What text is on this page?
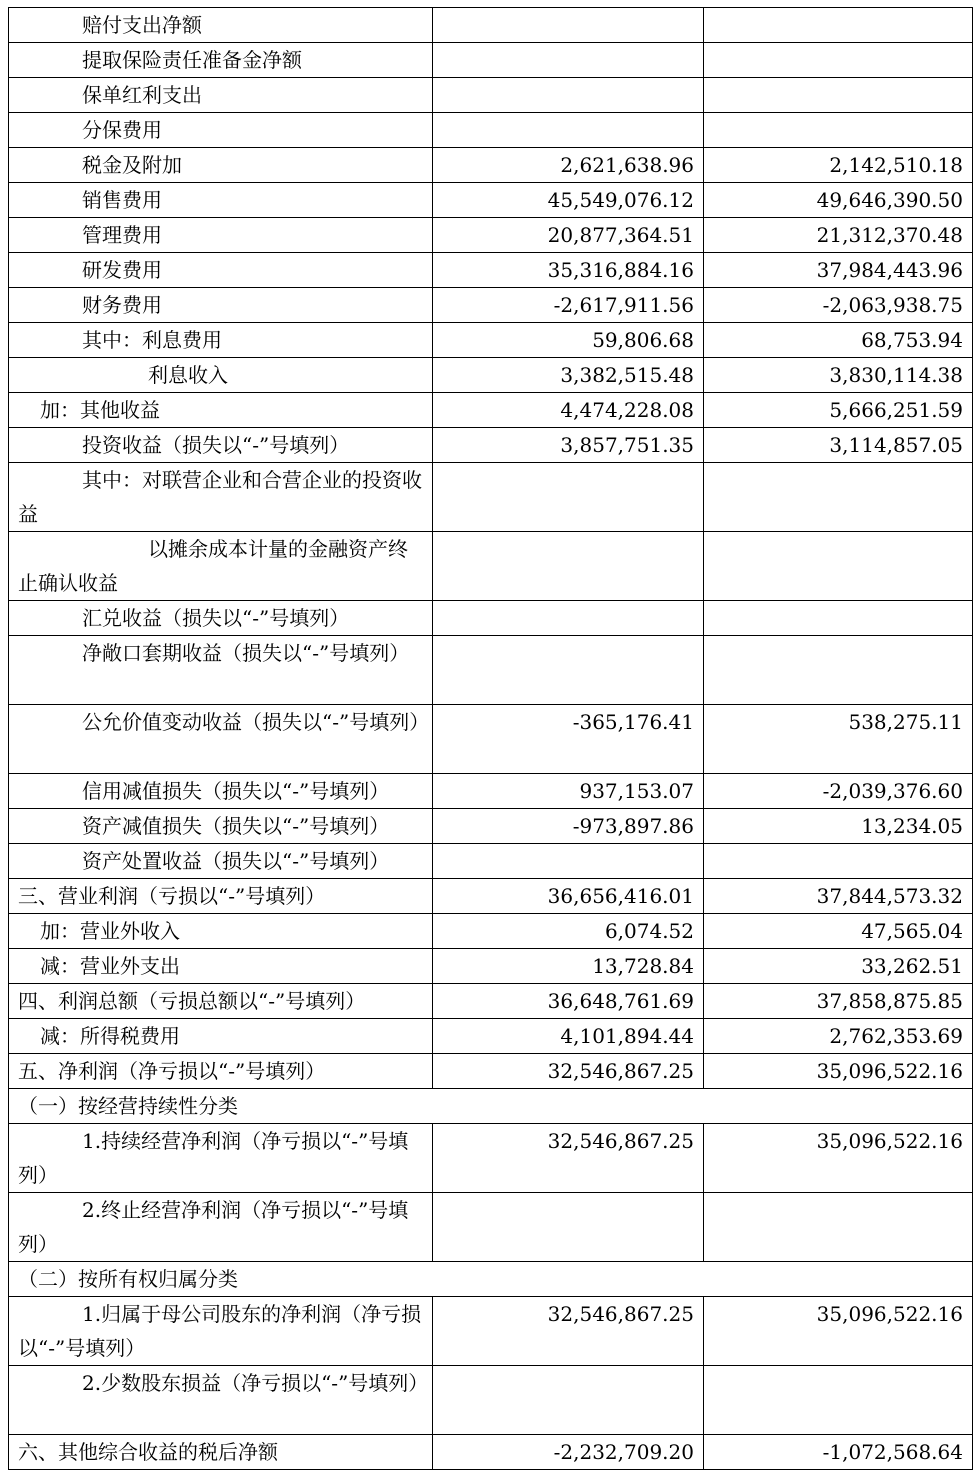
赔付支出净额		
提取保险责任准备金净额		
保单红利支出		
分保费用		
税金及附加	2,621,638.96	2,142,510.18
销售费用	45,549,076.12	49,646,390.50
管理费用	20,877,364.51	21,312,370.48
研发费用	35,316,884.16	37,984,443.96
财务费用	-2,617,911.56	-2,063,938.75
其中：利息费用	59,806.68	68,753.94
利息收入	3,382,515.48	3,830,114.38
加：其他收益	4,474,228.08	5,666,251.59
投资收益（损失以“-”号填列）	3,857,751.35	3,114,857.05
其中：对联营企业和合营企业的投资收益		
以摊余成本计量的金融资产终止确认收益		
汇兑收益（损失以“-”号填列）		
净敞口套期收益（损失以“-”号填列）		
公允价值变动收益（损失以“-”号填列）	-365,176.41	538,275.11
信用减值损失（损失以“-”号填列）	937,153.07	-2,039,376.60
资产减值损失（损失以“-”号填列）	-973,897.86	13,234.05
资产处置收益（损失以“-”号填列）		
三、营业利润（亏损以“-”号填列）	36,656,416.01	37,844,573.32
加：营业外收入	6,074.52	47,565.04
减：营业外支出	13,728.84	33,262.51
四、利润总额（亏损总额以“-”号填列）	36,648,761.69	37,858,875.85
减：所得税费用	4,101,894.44	2,762,353.69
五、净利润（净亏损以“-”号填列）	32,546,867.25	35,096,522.16
（一）按经营持续性分类		
1.持续经营净利润（净亏损以“-”号填列）	32,546,867.25	35,096,522.16
2.终止经营净利润（净亏损以“-”号填列）		
（二）按所有权归属分类		
1.归属于母公司股东的净利润（净亏损以“-”号填列）	32,546,867.25	35,096,522.16
2.少数股东损益（净亏损以“-”号填列）		
六、其他综合收益的税后净额	-2,232,709.20	-1,072,568.64
